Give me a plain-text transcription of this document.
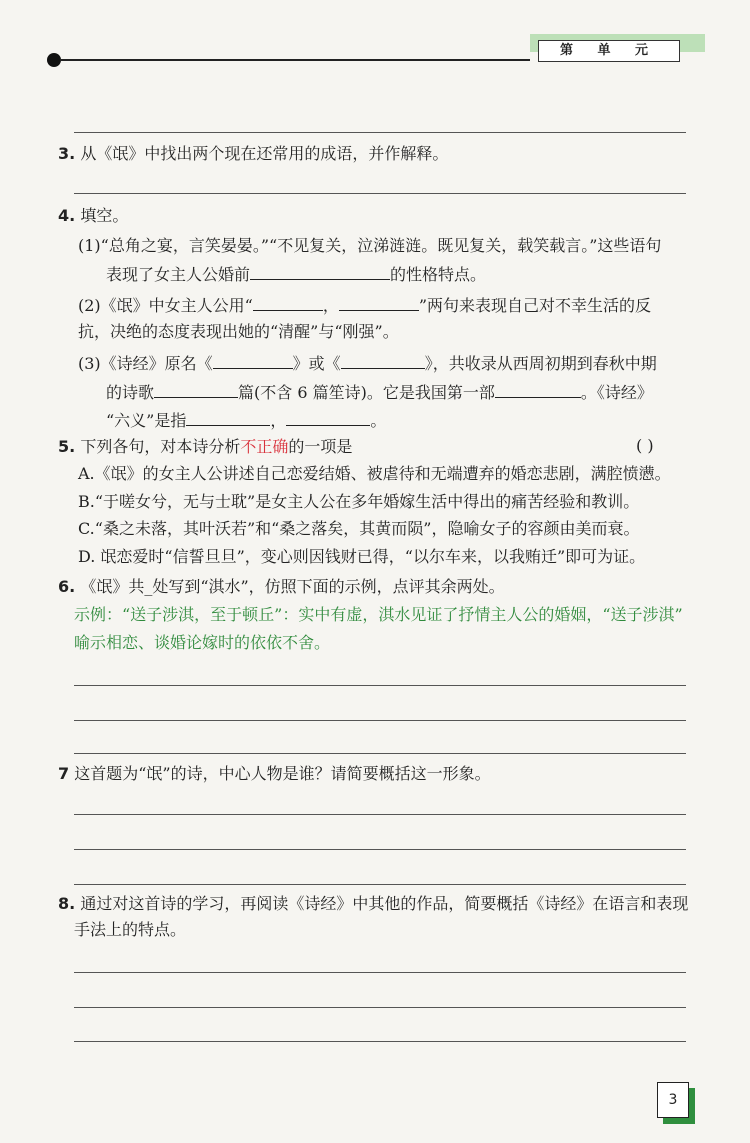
第 单 元
3. 从《氓》中找出两个现在还常用的成语，并作解释。
4. 填空。
(1)“总角之宴，言笑晏晏。”“不见复关，泣涕涟涟。既见复关，载笑载言。”这些语句
表现了女主人公婚前	的性格特点。
(2)《氓》中女主人公用“	，	”两句来表现自己对不幸生活的反
抗，决绝的态度表现出她的“清醒”与“刚强”。
(3)《诗经》原名《	》或《	》，共收录从西周初期到春秋中期
的诗歌	篇(不含 6 篇笙诗)。它是我国第一部	。《诗经》
“六义”是指	，	。
5. 下列各句，对本诗分析不正确的一项是	( )
A.《氓》的女主人公讲述自己恋爱结婚、被虐待和无端遭弃的婚恋悲剧，满腔愤懑。
B.“于嗟女兮，无与士耽”是女主人公在多年婚嫁生活中得出的痛苦经验和教训。
C.“桑之未落，其叶沃若”和“桑之落矣，其黄而陨”，隐喻女子的容颜由美而衰。
D. 氓恋爱时“信誓旦旦”，变心则因钱财已得，“以尔车来，以我贿迁”即可为证。
6. 《氓》共_处写到“淇水”，仿照下面的示例，点评其余两处。
示例：“送子涉淇，至于顿丘”：实中有虚，淇水见证了抒情主人公的婚姻，“送子涉淇”
喻示相恋、谈婚论嫁时的依依不舍。
7 这首题为“氓”的诗，中心人物是谁？请简要概括这一形象。
8. 通过对这首诗的学习，再阅读《诗经》中其他的作品，简要概括《诗经》在语言和表现
手法上的特点。
3
